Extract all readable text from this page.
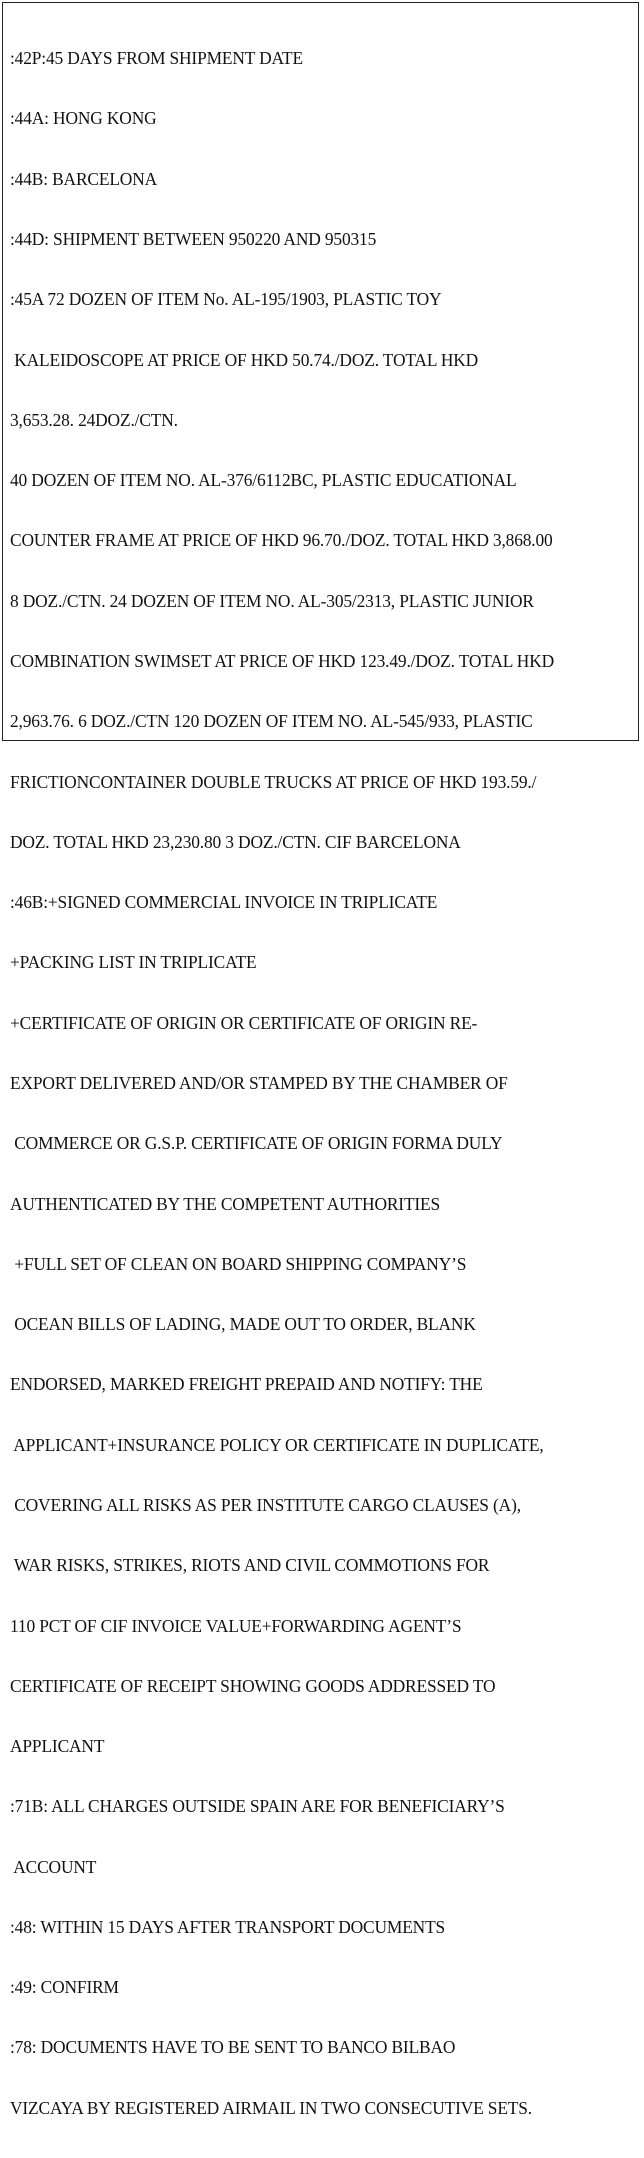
:42P:45 DAYS FROM SHIPMENT DATE

:44A: HONG KONG

:44B: BARCELONA

:44D: SHIPMENT BETWEEN 950220 AND 950315

:45A 72 DOZEN OF ITEM No. AL-195/1903, PLASTIC TOY

KALEIDOSCOPE AT PRICE OF HKD 50.74./DOZ. TOTAL HKD

3,653.28. 24DOZ./CTN.

40 DOZEN OF ITEM NO. AL-376/6112BC, PLASTIC EDUCATIONAL

COUNTER FRAME AT PRICE OF HKD 96.70./DOZ. TOTAL HKD 3,868.00

8 DOZ./CTN. 24 DOZEN OF ITEM NO. AL-305/2313, PLASTIC JUNIOR

COMBINATION SWIMSET AT PRICE OF HKD 123.49./DOZ. TOTAL HKD

2,963.76. 6 DOZ./CTN 120 DOZEN OF ITEM NO. AL-545/933, PLASTIC

FRICTIONCONTAINER DOUBLE TRUCKS AT PRICE OF HKD 193.59./

DOZ. TOTAL HKD 23,230.80 3 DOZ./CTN. CIF BARCELONA

:46B:+SIGNED COMMERCIAL INVOICE IN TRIPLICATE

+PACKING LIST IN TRIPLICATE

+CERTIFICATE OF ORIGIN OR CERTIFICATE OF ORIGIN RE-

EXPORT DELIVERED AND/OR STAMPED BY THE CHAMBER OF

COMMERCE OR G.S.P. CERTIFICATE OF ORIGIN FORMA DULY

AUTHENTICATED BY THE COMPETENT AUTHORITIES

+FULL SET OF CLEAN ON BOARD SHIPPING COMPANY’S

OCEAN BILLS OF LADING, MADE OUT TO ORDER, BLANK

ENDORSED, MARKED FREIGHT PREPAID AND NOTIFY: THE

APPLICANT+INSURANCE POLICY OR CERTIFICATE IN DUPLICATE,

COVERING ALL RISKS AS PER INSTITUTE CARGO CLAUSES (A),

WAR RISKS, STRIKES, RIOTS AND CIVIL COMMOTIONS FOR

110 PCT OF CIF INVOICE VALUE+FORWARDING AGENT’S

CERTIFICATE OF RECEIPT SHOWING GOODS ADDRESSED TO

APPLICANT

:71B: ALL CHARGES OUTSIDE SPAIN ARE FOR BENEFICIARY’S

ACCOUNT

:48: WITHIN 15 DAYS AFTER TRANSPORT DOCUMENTS

:49: CONFIRM

:78: DOCUMENTS HAVE TO BE SENT TO BANCO BILBAO

VIZCAYA BY REGISTERED AIRMAIL IN TWO CONSECUTIVE SETS.
